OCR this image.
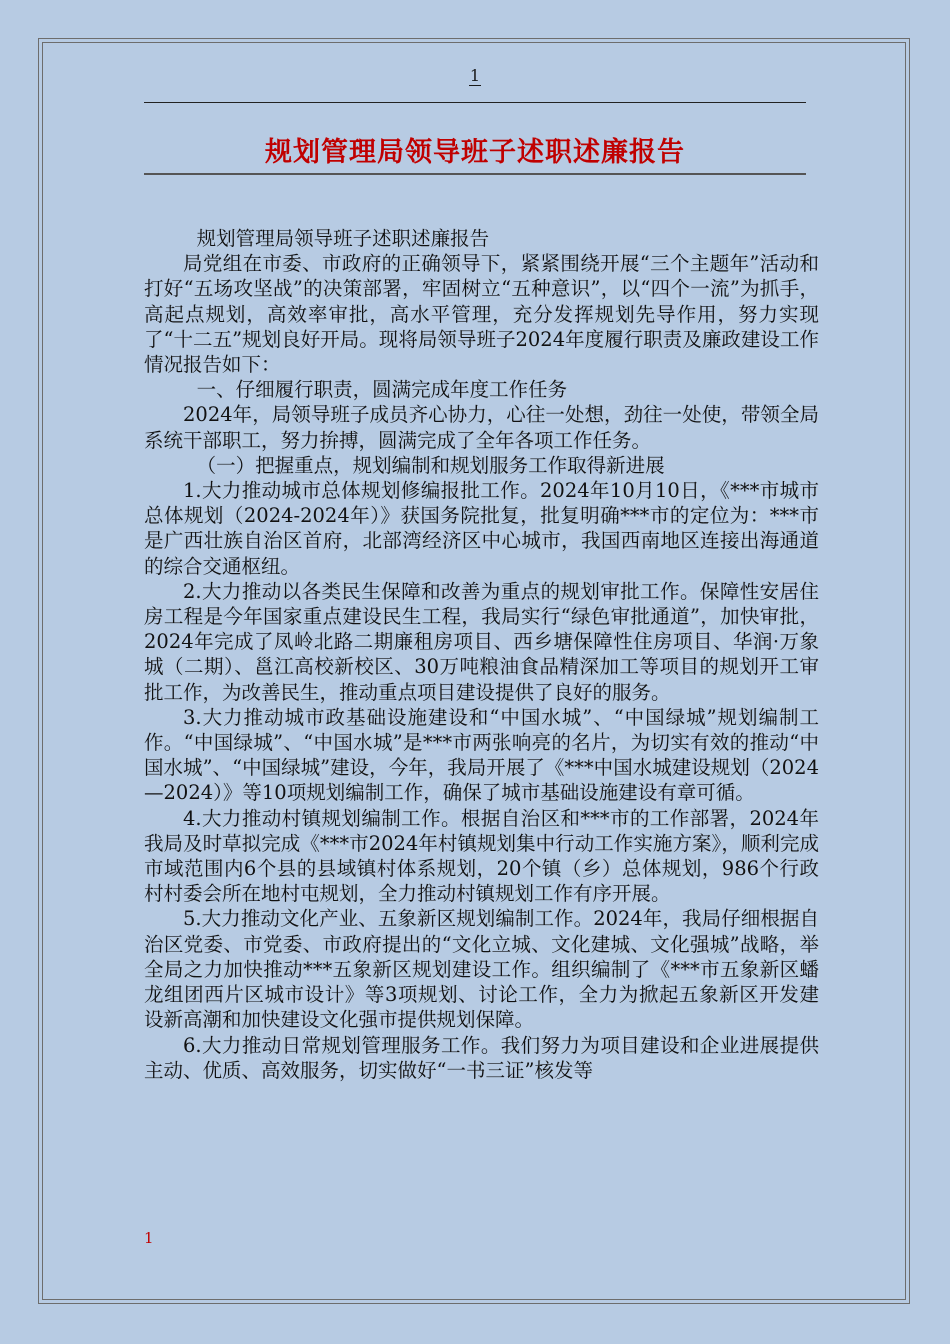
1
规划管理局领导班子述职述廉报告

规划管理局领导班子述职述廉报告

局党组在市委、市政府的正确领导下，紧紧围绕开展“三个主题年”活动和打好“五场攻坚战”的决策部署，牢固树立“五种意识”，以“四个一流”为抓手，高起点规划，高效率审批，高水平管理，充分发挥规划先导作用，努力实现了“十二五”规划良好开局。现将局领导班子2024年度履行职责及廉政建设工作情况报告如下：

一、仔细履行职责，圆满完成年度工作任务

2024年，局领导班子成员齐心协力，心往一处想，劲往一处使，带领全局系统干部职工，努力拚搏，圆满完成了全年各项工作任务。

（一）把握重点，规划编制和规划服务工作取得新进展

1.大力推动城市总体规划修编报批工作。2024年10月10日，《***市城市总体规划（2024-2024年）》获国务院批复，批复明确***市的定位为：***市是广西壮族自治区首府，北部湾经济区中心城市，我国西南地区连接出海通道的综合交通枢纽。

2.大力推动以各类民生保障和改善为重点的规划审批工作。保障性安居住房工程是今年国家重点建设民生工程，我局实行“绿色审批通道”，加快审批，2024年完成了凤岭北路二期廉租房项目、西乡塘保障性住房项目、华润·万象城（二期）、邕江高校新校区、30万吨粮油食品精深加工等项目的规划开工审批工作，为改善民生，推动重点项目建设提供了良好的服务。

3.大力推动城市政基础设施建设和“中国水城”、“中国绿城”规划编制工作。“中国绿城”、“中国水城”是***市两张响亮的名片，为切实有效的推动“中国水城”、“中国绿城”建设，今年，我局开展了《***中国水城建设规划（2024—2024）》等10项规划编制工作，确保了城市基础设施建设有章可循。

4.大力推动村镇规划编制工作。根据自治区和***市的工作部署，2024年我局及时草拟完成《***市2024年村镇规划集中行动工作实施方案》，顺利完成市域范围内6个县的县域镇村体系规划，20个镇（乡）总体规划，986个行政村村委会所在地村屯规划，全力推动村镇规划工作有序开展。

5.大力推动文化产业、五象新区规划编制工作。2024年，我局仔细根据自治区党委、市党委、市政府提出的“文化立城、文化建城、文化强城”战略，举全局之力加快推动***五象新区规划建设工作。组织编制了《***市五象新区蟠龙组团西片区城市设计》等3项规划、讨论工作，全力为掀起五象新区开发建设新高潮和加快建设文化强市提供规划保障。

6.大力推动日常规划管理服务工作。我们努力为项目建设和企业进展提供主动、优质、高效服务，切实做好“一书三证”核发等

1
